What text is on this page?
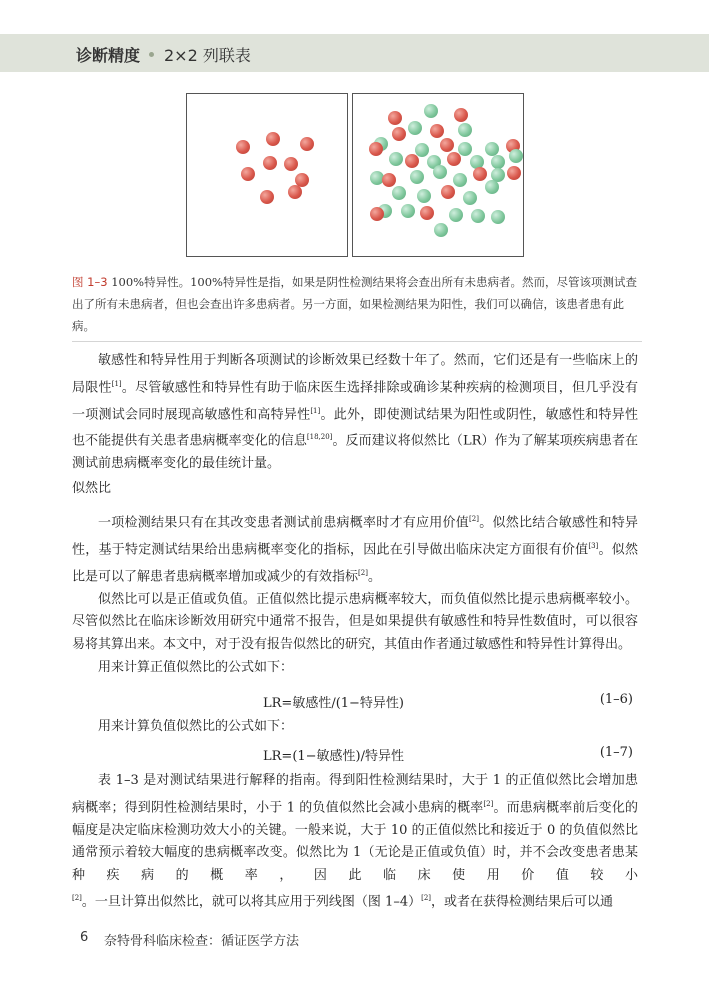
诊断精度 2×2 列联表
图 1–3 100%特异性。100%特异性是指，如果是阴性检测结果将会查出所有未患病者。然而，尽管该项测试查出了所有未患病者，但也会查出许多患病者。另一方面，如果检测结果为阳性，我们可以确信，该患者患有此病。

敏感性和特异性用于判断各项测试的诊断效果已经数十年了。然而，它们还是有一些临床上的局限性[1]。尽管敏感性和特异性有助于临床医生选择排除或确诊某种疾病的检测项目，但几乎没有一项测试会同时展现高敏感性和高特异性[1]。此外，即使测试结果为阳性或阴性，敏感性和特异性也不能提供有关患者患病概率变化的信息[18,20]。反而建议将似然比（LR）作为了解某项疾病患者在测试前患病概率变化的最佳统计量。

似然比

一项检测结果只有在其改变患者测试前患病概率时才有应用价值[2]。似然比结合敏感性和特异性，基于特定测试结果给出患病概率变化的指标，因此在引导做出临床决定方面很有价值[3]。似然比是可以了解患者患病概率增加或减少的有效指标[2]。

似然比可以是正值或负值。正值似然比提示患病概率较大，而负值似然比提示患病概率较小。尽管似然比在临床诊断效用研究中通常不报告，但是如果提供有敏感性和特异性数值时，可以很容易将其算出来。本文中，对于没有报告似然比的研究，其值由作者通过敏感性和特异性计算得出。

用来计算正值似然比的公式如下：

LR=敏感性/(1−特异性)	(1–6)

用来计算负值似然比的公式如下：

LR=(1−敏感性)/特异性	(1–7)

表 1–3 是对测试结果进行解释的指南。得到阳性检测结果时，大于 1 的正值似然比会增加患病概率；得到阴性检测结果时，小于 1 的负值似然比会减小患病的概率[2]。而患病概率前后变化的幅度是决定临床检测功效大小的关键。一般来说，大于 10 的正值似然比和接近于 0 的负值似然比通常预示着较大幅度的患病概率改变。似然比为 1（无论是正值或负值）时，并不会改变患者患某种疾病的概率，因此临床使用价值较小[2]。一旦计算出似然比，就可以将其应用于列线图（图 1–4）[2]，或者在获得检测结果后可以通

6 奈特骨科临床检查：循证医学方法
